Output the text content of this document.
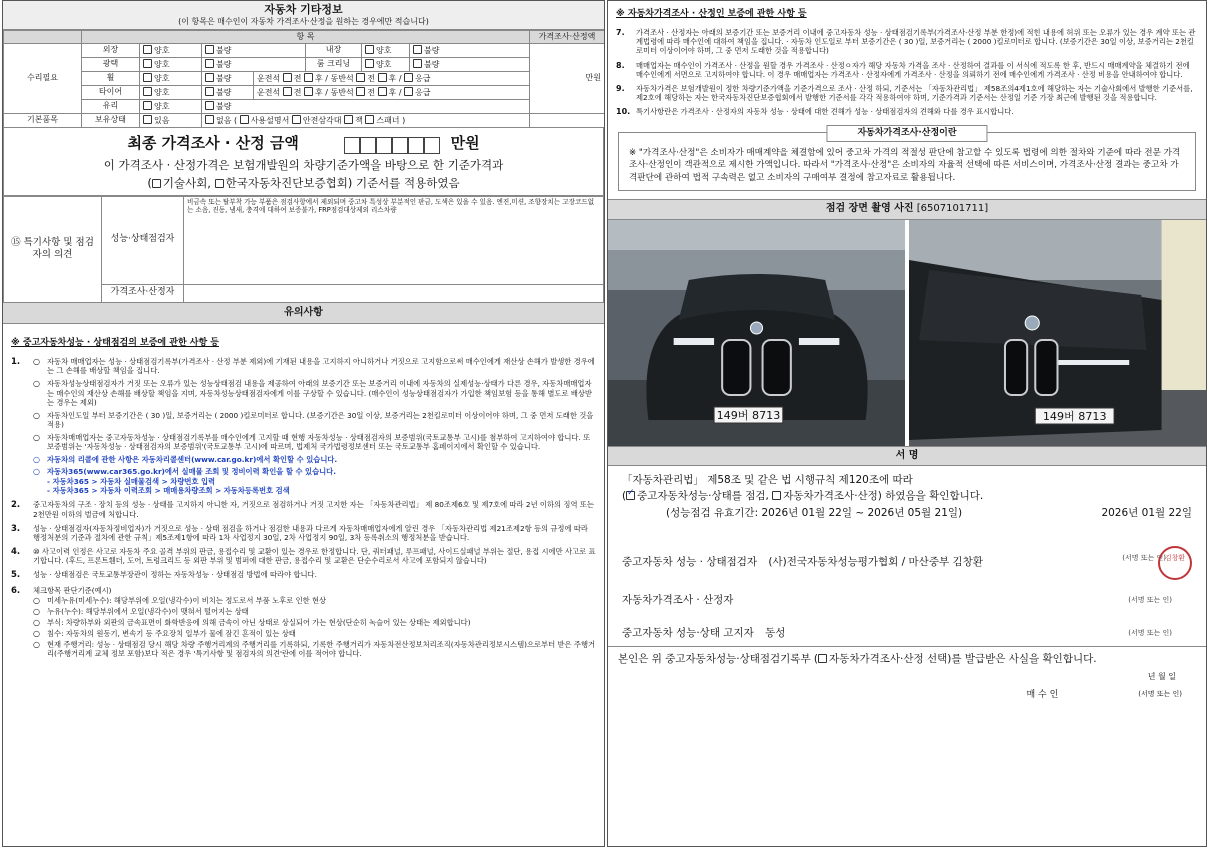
자동차 기타정보
(이 항목은 매수인이 자동차 가격조사·산정을 원하는 경우에만 적습니다)
	항 목							가격조사·산정액
수리필요	외장	양호	불량		내장	양호	불량	만원
	광택	양호	불량		룸 크리닝	양호	불량	
	휠	양호	불량	운전석 전 후 / 동반석 전 후 / 응급				
	타이어	양호	불량	운전석 전 후 / 동반석 전 후 / 응급				
	유리	양호	불량					
기본품목	보유상태	있음	없음 ( 사용설명서 안전삼각대 잭 스패너 )					
최종 가격조사 · 산정 금액	만원
이 가격조사 · 산정가격은 보험개발원의 차량기준가액을 바탕으로 한 기준가격과
( 기술사회, 한국자동차진단보증협회) 기준서를 적용하였음
⑮ 특기사항 및 점검자의 의견	성능·상태점검자	비금속 또는 탈부착 가능 부품은 점검사항에서 제외되며 중고차 특성상 부분적인 판금, 도색은 있을 수 있음. 엔진,미션, 조향장치는 고장코드없는 소음, 진동, 냄새, 충격에 대하여 보증불가, FRP점검대상제외 리스차량
	가격조사·산정자	
유의사항
※ 중고자동차성능 · 상태점검의 보증에 관한 사항 등
1.	○ 자동차 매매업자는 성능 · 상태점검기록부(가격조사 · 산정 부분 제외)에 기재된 내용을 고지하지 아니하거나 거짓으로 고지함으로써 매수인에게 재산상 손해가 발생한 경우에는 그 손해를 배상할 책임을 집니다.
○ 자동차성능상태점검자가 거짓 또는 오류가 있는 성능상태점검 내용을 제공하여 아래의 보증기간 또는 보증거리 이내에 자동차의 실제성능·상태가 다른 경우, 자동차매매업자는 매수인의 재산상 손해를 배상할 책임을 지며, 자동차성능상태점검자에게 이를 구상할 수 있습니다. (매수인이 성능상태점검자가 가입한 책임보험 등을 통해 별도로 배상받는 경우는 제외)
○ 자동차인도일 부터 보증기간은 ( 30 )일, 보증거리는 ( 2000 )킬로미터로 합니다. (보증기간은 30일 이상, 보증거리는 2천킬로미터 이상이어야 하며, 그 중 먼저 도래한 것을 적용)
○ 자동차매매업자는 중고자동차성능 · 상태점검기록부를 매수인에게 고지할 때 현행 자동차성능 · 상태점검자의 보증범위(국토교통부 고시)를 첨부하여 고지하여야 합니다. 또 보증범위는 '자동차성능 · 상태점검자의 보증범위'(국토교통부 고시)에 따르며, 법제처 국가법령정보센터 또는 국토교통부 홈페이지에서 확인할 수 있습니다.
○ 자동차의 리콜에 관한 사항은 자동차리콜센터(www.car.go.kr)에서 확인할 수 있습니다.
○ 자동차365(www.car365.go.kr)에서 실매물 조회 및 정비이력 확인을 할 수 있습니다.
- 자동차365 > 자동차 실매물검색 > 차량번호 입력
- 자동차365 > 자동차 이력조회 > 매매용차량조회 > 자동차등록번호 검색
2.	중고자동차의 구조 · 장치 등의 성능 · 상태를 고지하지 아니한 자, 거짓으로 점검하거나 거짓 고지한 자는 「자동차관리법」 제 80조제6호 및 제7호에 따라 2년 이하의 징역 또는 2천만원 이하의 벌금에 처합니다.
3.	성능 · 상태점검자(자동차정비업자)가 거짓으로 성능 · 상태 점검을 하거나 점검한 내용과 다르게 자동차매매업자에게 알린 경우 「자동차관리법 제21조제2항 등의 규정에 따라 행정처분의 기준과 절차에 관한 규칙」제5조제1항에 따라 1차 사업정지 30일, 2차 사업정지 90일, 3차 등록취소의 행정처분을 받습니다.
4.	⑩ 사고이력 인정은 사고로 자동차 주요 골격 부위의 판금, 용접수리 및 교환이 있는 경우로 한정합니다. 단, 쿼터패널, 루프패널, 사이드실패널 부위는 절단, 용접 시에만 사고로 표기합니다. (후드, 프론트휀더, 도어, 트렁크리드 등 외판 부위 및 범퍼에 대한 판금, 용접수리 및 교환은 단순수리로서 사고에 포함되지 않습니다)
5.	성능 · 상태점검은 국토교통부장관이 정하는 자동차성능 · 상태점검 방법에 따라야 합니다.
6.	체크항목 판단기준(예시)
○ 미세누유(미세누수): 해당부위에 오일(냉각수)이 비치는 정도로서 부품 노후로 인한 현상
○ 누유(누수): 해당부위에서 오일(냉각수)이 맺혀서 떨어지는 상태
○ 부식: 차량하부와 외판의 금속표면이 화학반응에 의해 금속이 아닌 상태로 상실되어 가는 현상(단순히 녹슬어 있는 상태는 제외합니다)
○ 침수: 자동차의 원동기, 변속기 등 주요장치 일부가 물에 잠긴 흔적이 있는 상태
○ 현재 주행거리: 성능 · 상태점검 당시 해당 차량 주행거리계의 주행거리를 기록하되, 기록한 주행거리가 자동차전산정보처리조직(자동차관리정보시스템)으로부터 받은 주행거리(주행거리계 교체 정보 포함)보다 적은 경우 '특기사항 및 점검자의 의견'란에 이를 적어야 합니다.
※ 자동차가격조사 · 산정인 보증에 관한 사항 등
7.	가격조사 · 산정자는 아래의 보증기간 또는 보증거리 이내에 중고자동차 성능 · 상태점검기록부(가격조사·산정 부분 한정)에 적힌 내용에 허위 또는 오류가 있는 경우 계약 또는 관계법령에 따라 매수인에 대하여 책임을 집니다. · 자동차 인도일로 부터 보증기간은 ( 30 )일, 보증거리는 ( 2000 )킬로미터로 합니다. (보증기간은 30일 이상, 보증거리는 2천킬로미터 이상이어야 하며, 그 중 먼저 도래한 것을 적용합니다)
8.	매매업자는 매수인이 가격조사 · 산정을 원할 경우 가격조사 · 산정ㅇ자가 해당 자동차 가격을 조사 · 산정하여 결과를 이 서식에 적도록 한 후, 반드시 매매계약을 체결하기 전에 매수인에게 서면으로 고지하여야 합니다. 이 경우 매매업자는 가격조사 · 산정자에게 가격조사 · 산정을 의뢰하기 전에 매수인에게 가격조사 · 산정 비용을 안내하여야 합니다.
9.	자동차가격은 보험개발원이 정한 차량기준가액을 기준가격으로 조사 · 산정 하되, 기준서는 「자동차관리법」 제58조의4제1호에 해당하는 자는 기술사회에서 발행한 기준서를, 제2호에 해당하는 자는 한국자동차진단보증협회에서 발행한 기준서를 각각 적용하여야 하며, 기준가격과 기준서는 산정일 기준 가장 최근에 발행된 것을 적용합니다.
10. 특기사항란은 가격조사 · 산정자의 자동차 성능 · 상태에 대한 견해가 성능 · 상태점검자의 견해와 다를 경우 표시합니다.
자동차가격조사·산정이란

※ "가격조사·산정"은 소비자가 매매계약을 체결함에 있어 중고차 가격의 적절성 판단에 참고할 수 있도록 법령에 의한 절차와 기준에 따라 전문 가격조사·산정인이 객관적으로 제시한 가액입니다. 따라서 "가격조사·산정"은 소비자의 자율적 선택에 따른 서비스이며, 가격조사·산정 결과는 중고차 가격판단에 관하여 법적 구속력은 없고 소비자의 구매여부 결정에 참고자료로 활용됩니다.

점검 장면 촬영 사진 [6507101711]
149버 8713	149버 8713
서 명
「자동차관리법」 제58조 및 같은 법 시행규칙 제120조에 따라
( ✓ 중고자동차성능·상태를 점검, 자동차가격조사·산정) 하였음을 확인합니다.
(성능점검 유효기간: 2026년 01월 22일 ~ 2026년 05월 21일)	2026년 01월 22일
중고자동차 성능 · 상태점검자 (사)전국자동차성능평가협회 / 마산중부 김창환	(서명 또는 인)김창환
자동차가격조사 · 산정자	(서명 또는 인)
중고자동차 성능·상태 고지자 동성	(서명 또는 인)
본인은 위 중고자동차성능·상태점검기록부 ( 자동차가격조사·산정 선택)를 발급받은 사실을 확인합니다.
년 월 일
매 수 인	(서명 또는 인)
